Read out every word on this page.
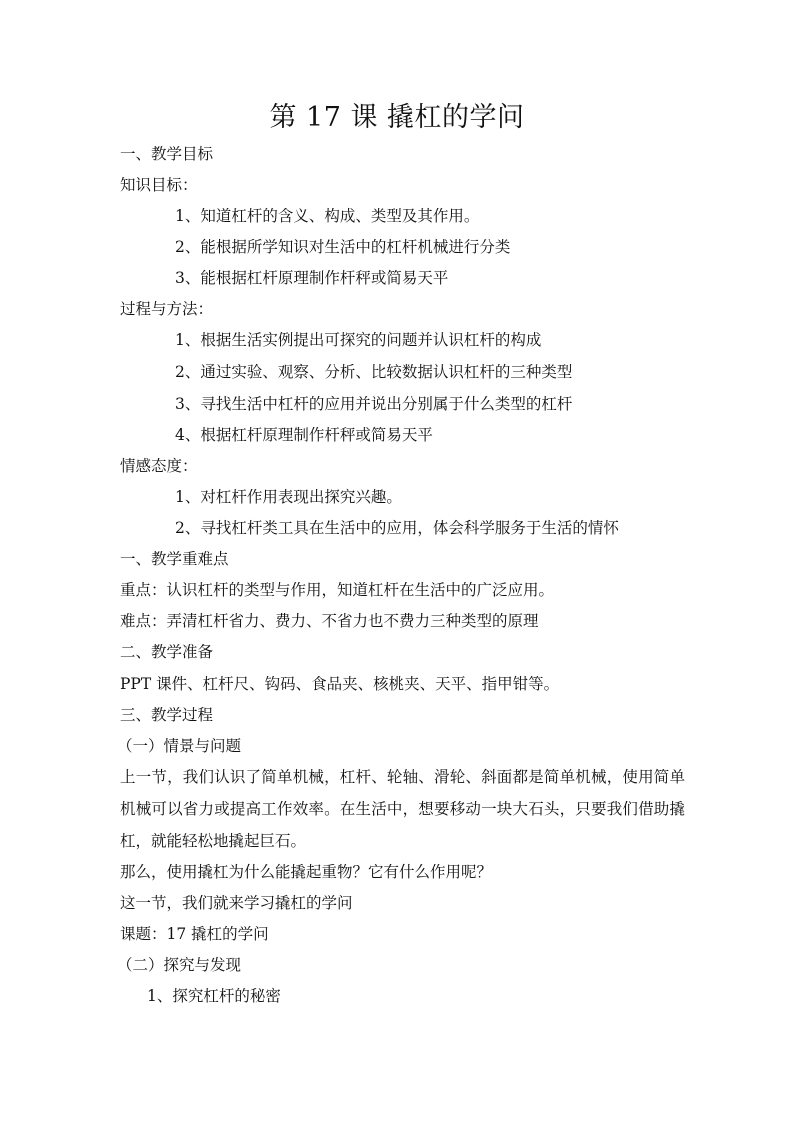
第 17 课 撬杠的学问
一、教学目标
知识目标：
1、知道杠杆的含义、构成、类型及其作用。
2、能根据所学知识对生活中的杠杆机械进行分类
3、能根据杠杆原理制作杆秤或简易天平
过程与方法：
1、根据生活实例提出可探究的问题并认识杠杆的构成
2、通过实验、观察、分析、比较数据认识杠杆的三种类型
3、寻找生活中杠杆的应用并说出分别属于什么类型的杠杆
4、根据杠杆原理制作杆秤或简易天平
情感态度：
1、对杠杆作用表现出探究兴趣。
2、寻找杠杆类工具在生活中的应用，体会科学服务于生活的情怀
一、教学重难点
重点：认识杠杆的类型与作用，知道杠杆在生活中的广泛应用。
难点：弄清杠杆省力、费力、不省力也不费力三种类型的原理
二、教学准备
PPT 课件、杠杆尺、钩码、食品夹、核桃夹、天平、指甲钳等。
三、教学过程
（一）情景与问题
上一节，我们认识了简单机械，杠杆、轮轴、滑轮、斜面都是简单机械，使用简单机械可以省力或提高工作效率。在生活中，想要移动一块大石头，只要我们借助撬杠，就能轻松地撬起巨石。
那么，使用撬杠为什么能撬起重物？它有什么作用呢？
这一节，我们就来学习撬杠的学问
课题：17 撬杠的学问
（二）探究与发现
1、探究杠杆的秘密
